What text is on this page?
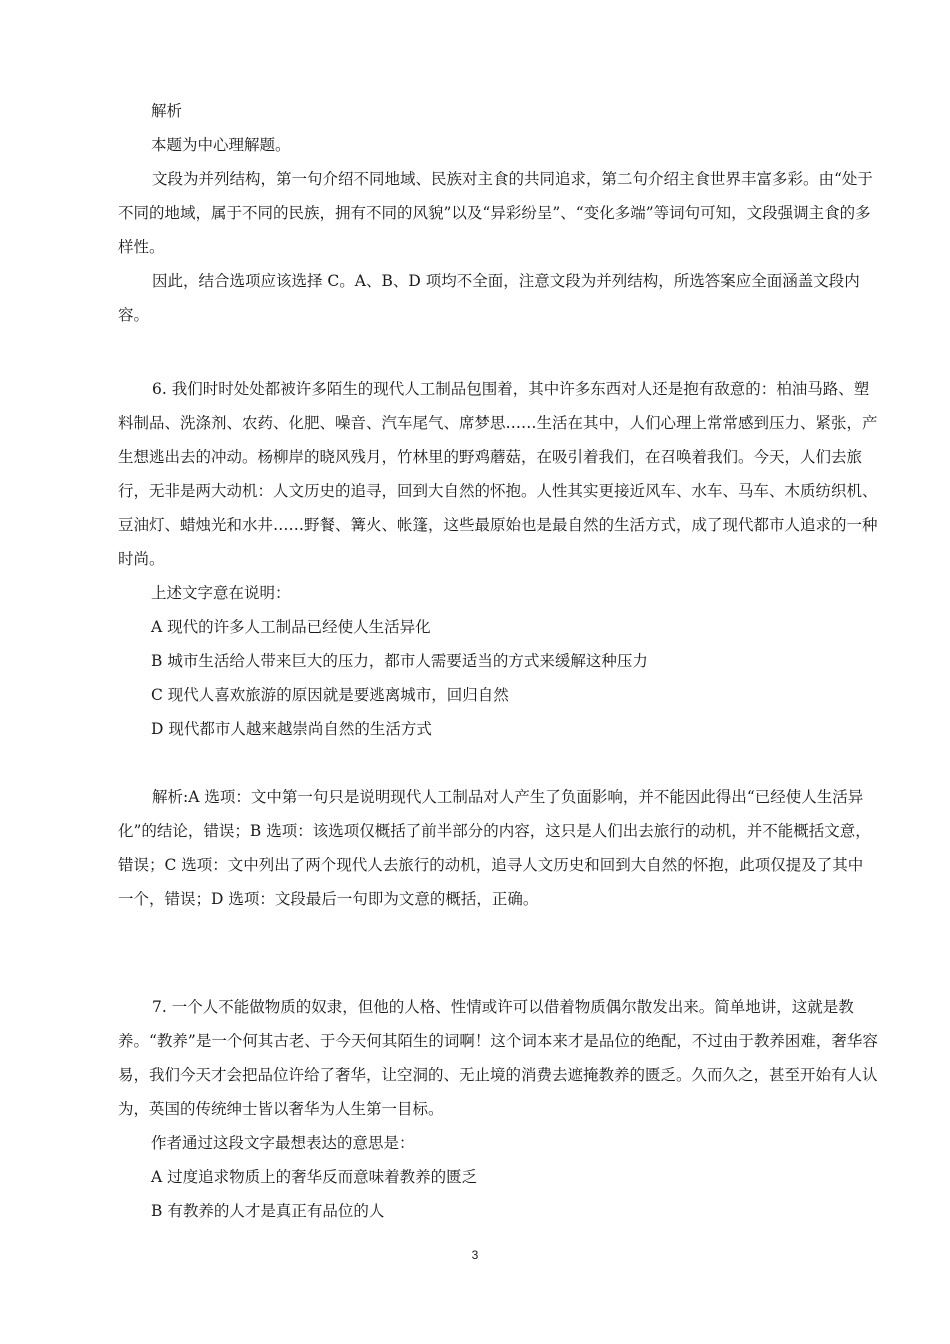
解析

本题为中心理解题。

文段为并列结构，第一句介绍不同地域、民族对主食的共同追求，第二句介绍主食世界丰富多彩。由“处于不同的地域，属于不同的民族，拥有不同的风貌”以及“异彩纷呈”、“变化多端”等词句可知，文段强调主食的多样性。

因此，结合选项应该选择 C。A、B、D 项均不全面，注意文段为并列结构，所选答案应全面涵盖文段内容。

6. 我们时时处处都被许多陌生的现代人工制品包围着，其中许多东西对人还是抱有敌意的：柏油马路、塑料制品、洗涤剂、农药、化肥、噪音、汽车尾气、席梦思……生活在其中，人们心理上常常感到压力、紧张，产生想逃出去的冲动。杨柳岸的晓风残月，竹林里的野鸡蘑菇，在吸引着我们，在召唤着我们。今天，人们去旅行，无非是两大动机：人文历史的追寻，回到大自然的怀抱。人性其实更接近风车、水车、马车、木质纺织机、豆油灯、蜡烛光和水井……野餐、篝火、帐篷，这些最原始也是最自然的生活方式，成了现代都市人追求的一种时尚。

上述文字意在说明：

A 现代的许多人工制品已经使人生活异化

B 城市生活给人带来巨大的压力，都市人需要适当的方式来缓解这种压力

C 现代人喜欢旅游的原因就是要逃离城市，回归自然

D 现代都市人越来越崇尚自然的生活方式

解析:A 选项：文中第一句只是说明现代人工制品对人产生了负面影响，并不能因此得出“已经使人生活异化”的结论，错误；B 选项：该选项仅概括了前半部分的内容，这只是人们出去旅行的动机，并不能概括文意，错误；C 选项：文中列出了两个现代人去旅行的动机，追寻人文历史和回到大自然的怀抱，此项仅提及了其中一个，错误；D 选项：文段最后一句即为文意的概括，正确。

7. 一个人不能做物质的奴隶，但他的人格、性情或许可以借着物质偶尔散发出来。简单地讲，这就是教养。“教养”是一个何其古老、于今天何其陌生的词啊！这个词本来才是品位的绝配，不过由于教养困难，奢华容易，我们今天才会把品位许给了奢华，让空洞的、无止境的消费去遮掩教养的匮乏。久而久之，甚至开始有人认为，英国的传统绅士皆以奢华为人生第一目标。

作者通过这段文字最想表达的意思是：

A 过度追求物质上的奢华反而意味着教养的匮乏

B 有教养的人才是真正有品位的人

3
